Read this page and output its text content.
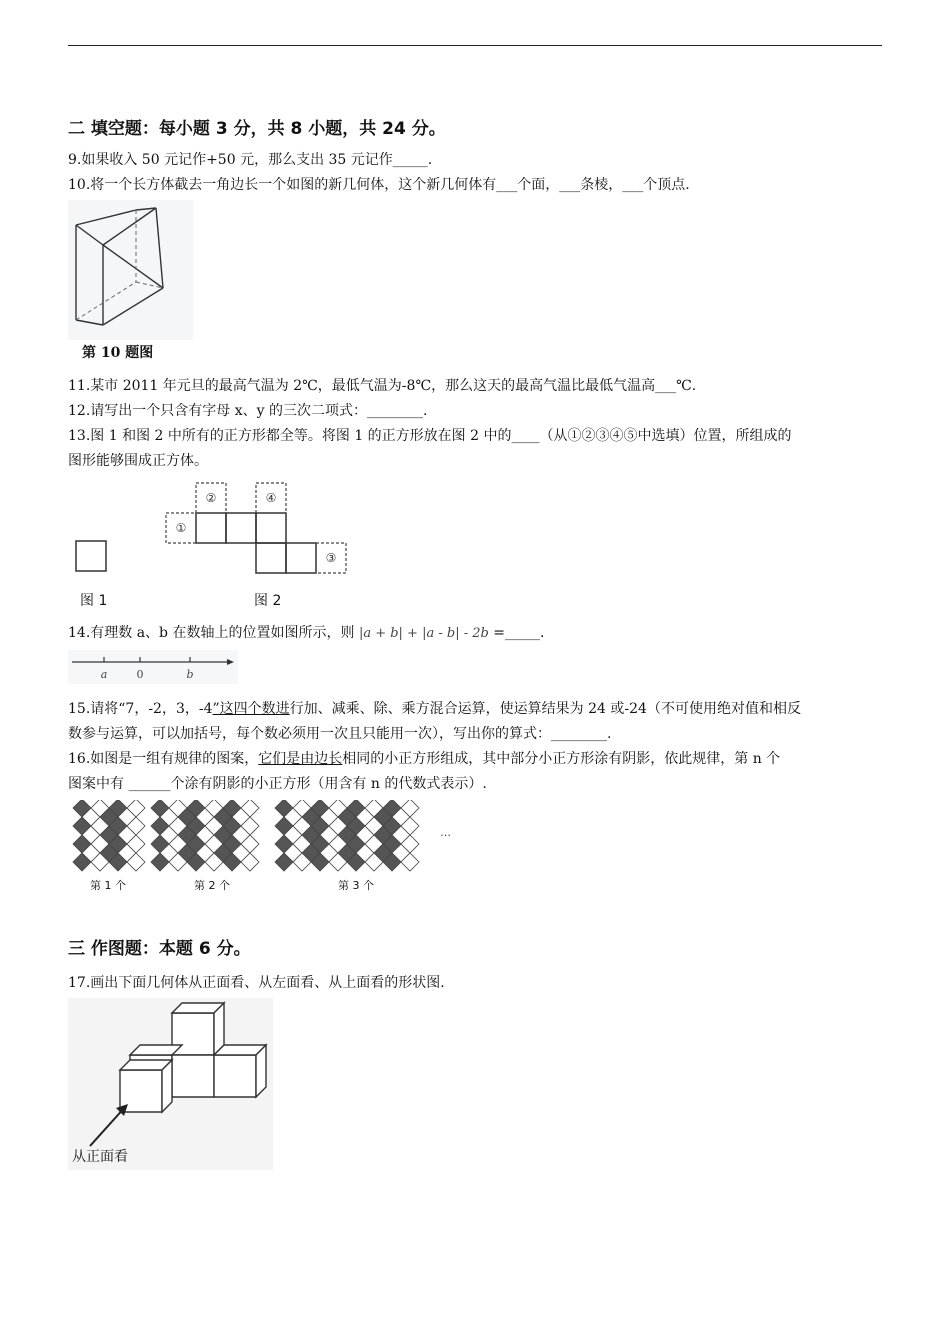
二 填空题：每小题 3 分，共 8 小题，共 24 分。
9.如果收入 50 元记作+50 元，那么支出 35 元记作_____.
10.将一个长方体截去一角边长一个如图的新几何体，这个新几何体有___个面，___条棱，___个顶点.
第 10 题图
11.某市 2011 年元旦的最高气温为 2℃，最低气温为-8℃，那么这天的最高气温比最低气温高___℃.
12.请写出一个只含有字母 x、y 的三次二项式：________.
13.图 1 和图 2 中所有的正方形都全等。将图 1 的正方形放在图 2 中的____（从①②③④⑤中选填）位置，所组成的
图形能够围成正方体。
①
②
③
④
图 1	图 2
14.有理数 a、b 在数轴上的位置如图所示，则 |a + b| + |a - b| - 2b =_____.
a	0	b
15.请将“7，-2，3，-4”这四个数进行加、减乘、除、乘方混合运算，使运算结果为 24 或-24（不可使用绝对值和相反
数参与运算，可以加括号，每个数必须用一次且只能用一次），写出你的算式：________.
16.如图是一组有规律的图案，它们是由边长相同的小正方形组成，其中部分小正方形涂有阴影，依此规律，第 n 个
图案中有 ______个涂有阴影的小正方形（用含有 n 的代数式表示）.
第 1 个	第 2 个	第 3 个
…
三 作图题：本题 6 分。
17.画出下面几何体从正面看、从左面看、从上面看的形状图.
从正面看
